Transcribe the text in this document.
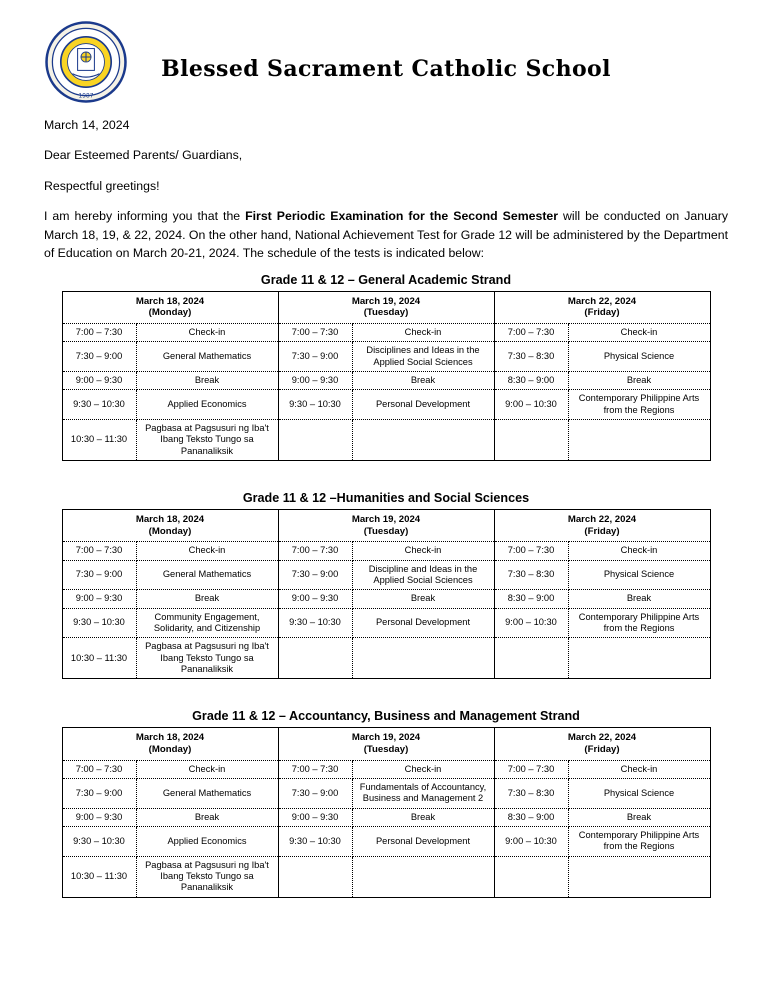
1987
Blessed Sacrament Catholic School

March 14, 2024

Dear Esteemed Parents/ Guardians,

Respectful greetings!

I am hereby informing you that the First Periodic Examination for the Second Semester will be conducted on January March 18, 19, & 22, 2024. On the other hand, National Achievement Test for Grade 12 will be administered by the Department of Education on March 20-21, 2024. The schedule of the tests is indicated below:

Grade 11 & 12 – General Academic Strand
March 18, 2024
(Monday)		March 19, 2024
(Tuesday)		March 22, 2024
(Friday)	
7:00 – 7:30	Check-in	7:00 – 7:30	Check-in	7:00 – 7:30	Check-in
7:30 – 9:00	General Mathematics	7:30 – 9:00	Disciplines and Ideas in the Applied Social Sciences	7:30 – 8:30	Physical Science
9:00 – 9:30	Break	9:00 – 9:30	Break	8:30 – 9:00	Break
9:30 – 10:30	Applied Economics	9:30 – 10:30	Personal Development	9:00 – 10:30	Contemporary Philippine Arts from the Regions
10:30 – 11:30	Pagbasa at Pagsusuri ng Iba't Ibang Teksto Tungo sa Pananaliksik				
Grade 11 & 12 –Humanities and Social Sciences
March 18, 2024
(Monday)		March 19, 2024
(Tuesday)		March 22, 2024
(Friday)	
7:00 – 7:30	Check-in	7:00 – 7:30	Check-in	7:00 – 7:30	Check-in
7:30 – 9:00	General Mathematics	7:30 – 9:00	Discipline and Ideas in the Applied Social Sciences	7:30 – 8:30	Physical Science
9:00 – 9:30	Break	9:00 – 9:30	Break	8:30 – 9:00	Break
9:30 – 10:30	Community Engagement, Solidarity, and Citizenship	9:30 – 10:30	Personal Development	9:00 – 10:30	Contemporary Philippine Arts from the Regions
10:30 – 11:30	Pagbasa at Pagsusuri ng Iba't Ibang Teksto Tungo sa Pananaliksik				
Grade 11 & 12 – Accountancy, Business and Management Strand
March 18, 2024
(Monday)		March 19, 2024
(Tuesday)		March 22, 2024
(Friday)	
7:00 – 7:30	Check-in	7:00 – 7:30	Check-in	7:00 – 7:30	Check-in
7:30 – 9:00	General Mathematics	7:30 – 9:00	Fundamentals of Accountancy, Business and Management 2	7:30 – 8:30	Physical Science
9:00 – 9:30	Break	9:00 – 9:30	Break	8:30 – 9:00	Break
9:30 – 10:30	Applied Economics	9:30 – 10:30	Personal Development	9:00 – 10:30	Contemporary Philippine Arts from the Regions
10:30 – 11:30	Pagbasa at Pagsusuri ng Iba't Ibang Teksto Tungo sa Pananaliksik				
